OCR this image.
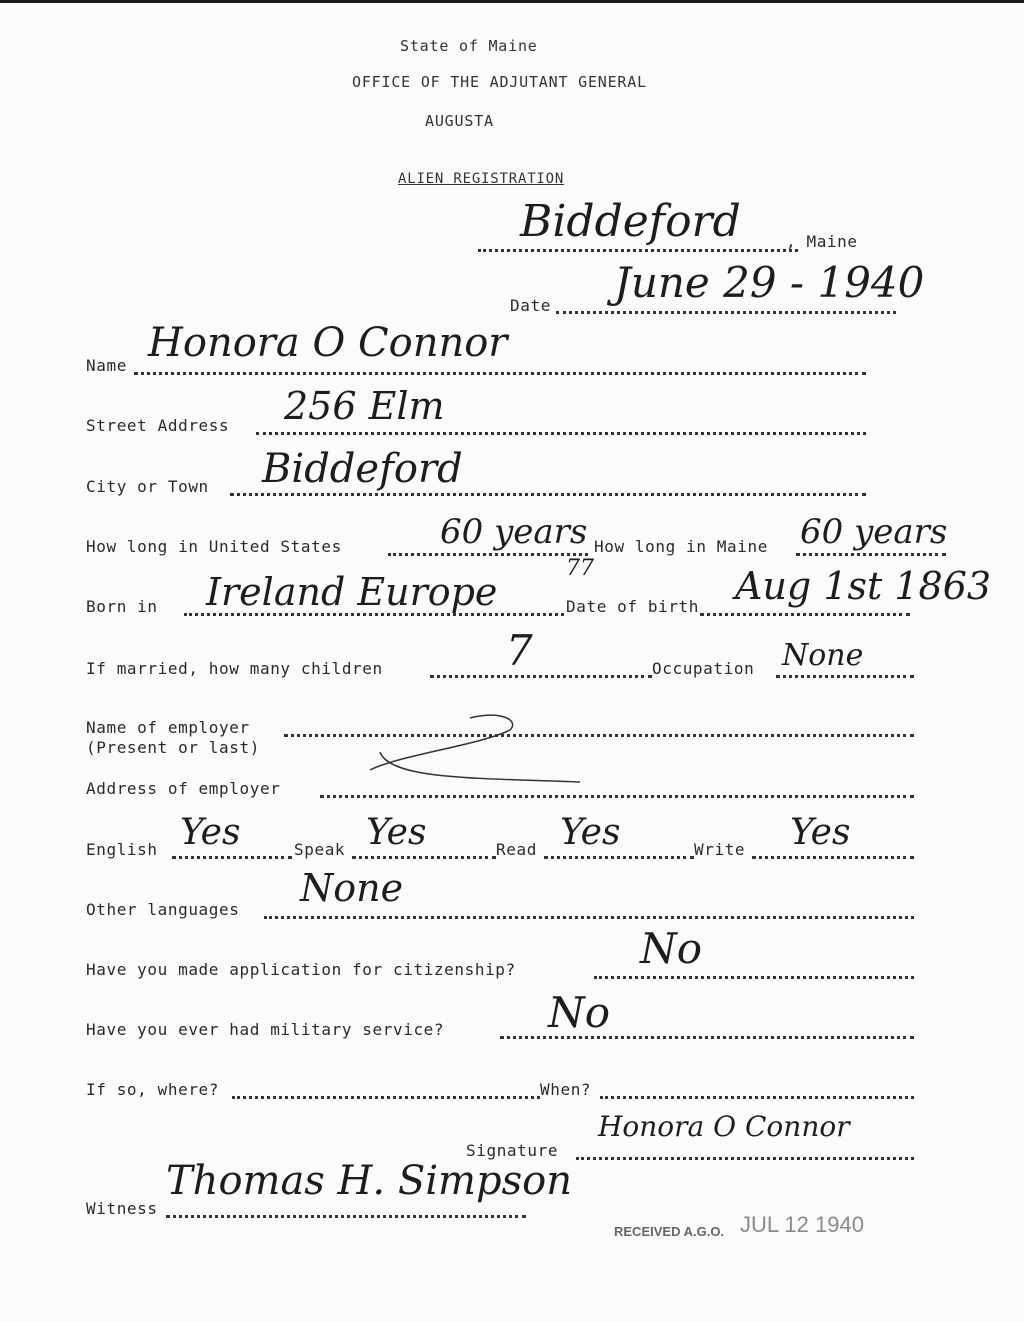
State of Maine
OFFICE OF THE ADJUTANT GENERAL
AUGUSTA
ALIEN REGISTRATION
Biddeford	, Maine
Date June 29 - 1940
Name Honora O Connor
Street Address 256 Elm
City or Town Biddeford
How long in United States	60 years How long in Maine 60 years
Born in Ireland Europe
77
Date of birth Aug 1st 1863
If married, how many children	7	Occupation None
Name of employer
(Present or last)
Address of employer
English Yes	Speak Yes	Read Yes	Write Yes
Other languages None
Have you made application for citizenship?	No
Have you ever had military service? No
If so, where?	When?
Signature
Honora O Connor
Witness
Thomas H. Simpson
RECEIVED A.G.O. JUL 12 1940
